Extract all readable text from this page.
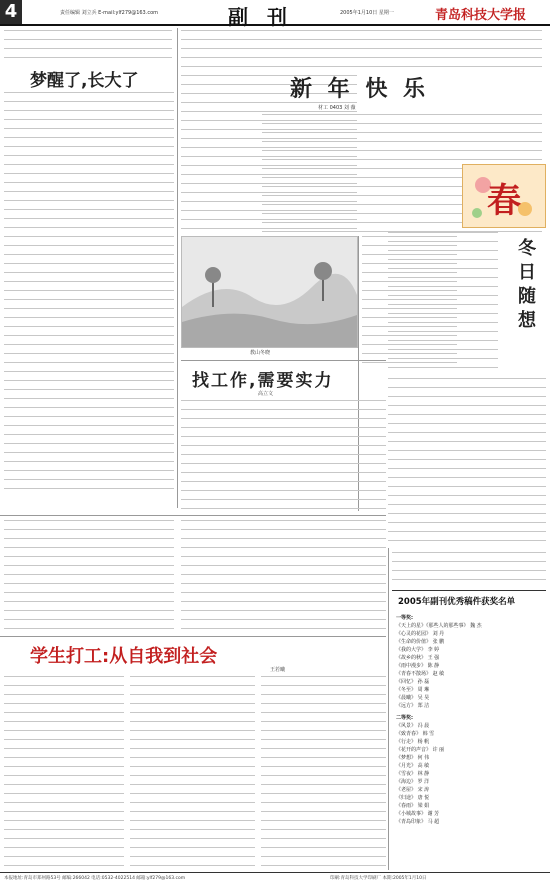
4	责任编辑 刘立兵 E-mail:ylf279@163.com	副 刊	2005年1月10日 星期一	青岛科技大学报
梦醒了,长大了	新 年 快 乐
材工 0403 刘 薇
春
教山冬晓
冬日随想
找工作,需要实力
高立文
学生打工:从自我到社会
王若曦
2005年副刊优秀稿件获奖名单
一等奖:
《天上的星》《那些人的那些事》 魏 杰
《心灵的花园》 刘 丹
《生命的价值》 张 鹏
《我的大学》 李 婷
《故乡的秋》 王 强
《雨中漫步》 陈 静
《青春不散场》 赵 敏
《回忆》 孙 磊
《冬至》 周 琳
《晨曦》 吴 昊
《远方》 郑 洁
二等奖:
《风景》 冯 晨
《致青春》 韩 雪
《行走》 杨 帆
《花开的声音》 许 丽
《梦想》 何 伟
《月光》 高 敏
《雪夜》 林 静
《海边》 罗 洋
《老屋》 宋 涛
《归途》 唐 悦
《春雨》 梁 娟
《小城故事》 谢 芳
《青岛印象》 马 超
本报地址:青岛市郑州路53号 邮编:266042 电话:0532-4022514 邮箱:ylf279@163.com	印刷:青岛科技大学印刷厂 本期:2005年1月10日
